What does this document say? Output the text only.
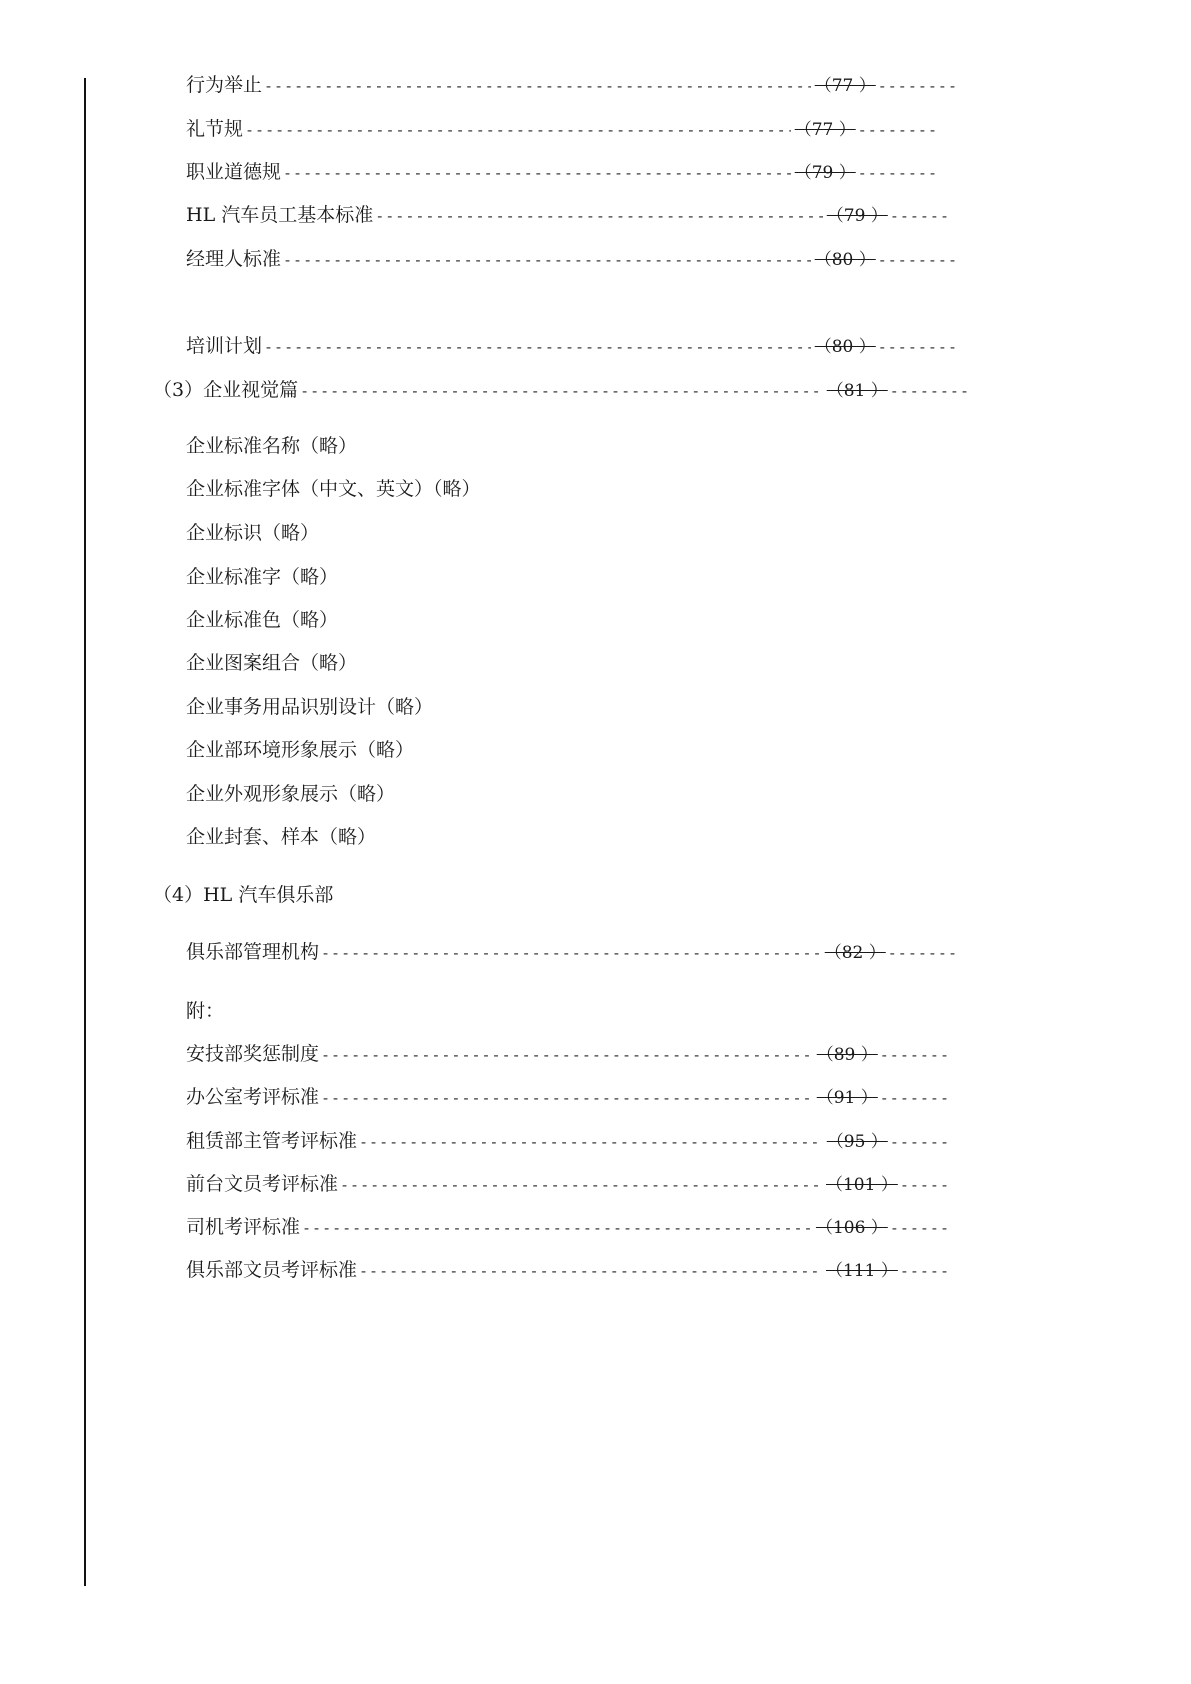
行为举止 -----	（77 ） --------
礼节规 -----	（77 ） --------
职业道德规 -----	（79 ） --------
HL 汽车员工基本标准 -----	（79 ） ------
经理人标准 -----	（80 ） --------
培训计划 -----	（80 ） --------
（3）企业视觉篇 -----	（81 ） --------
企业标准名称（略）
企业标准字体（中文、英文）（略）
企业标识（略）
企业标准字（略）
企业标准色（略）
企业图案组合（略）
企业事务用品识别设计（略）
企业部环境形象展示（略）
企业外观形象展示（略）
企业封套、样本（略）
（4）HL 汽车俱乐部
俱乐部管理机构 -----	（82 ） -------
附：
安技部奖惩制度 -----	（89 ） -------
办公室考评标准 -----	（91 ） -------
租赁部主管考评标准 -----	（95 ） ------
前台文员考评标准 -----	（101 ） -----
司机考评标准 -----	（106 ） ------
俱乐部文员考评标准 -----	（111 ） -----
